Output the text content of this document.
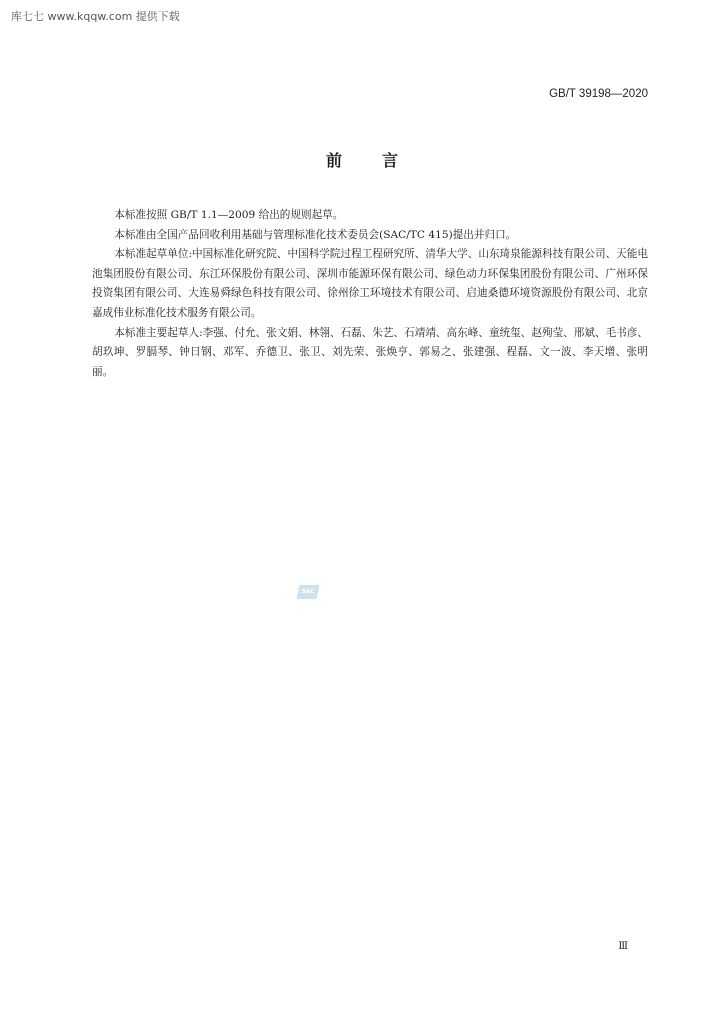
库七七 www.kqqw.com 提供下载
GB/T 39198—2020
前言

本标准按照 GB/T 1.1—2009 给出的规则起草。

本标准由全国产品回收利用基础与管理标准化技术委员会(SAC/TC 415)提出并归口。

本标准起草单位:中国标准化研究院、中国科学院过程工程研究所、清华大学、山东琦泉能源科技有限公司、天能电池集团股份有限公司、东江环保股份有限公司、深圳市能源环保有限公司、绿色动力环保集团股份有限公司、广州环保投资集团有限公司、大连易舜绿色科技有限公司、徐州徐工环境技术有限公司、启迪桑德环境资源股份有限公司、北京嘉成伟业标准化技术服务有限公司。

本标准主要起草人:李强、付允、张文娟、林翎、石磊、朱艺、石靖靖、高东峰、童统玺、赵殉莹、邢斌、毛书彦、胡玖坤、罗膈琴、钟日钢、邓军、乔德卫、张卫、刘先荣、张焕亨、郭易之、张建强、程磊、文一波、李天增、张明丽。

SAC
Ⅲ
